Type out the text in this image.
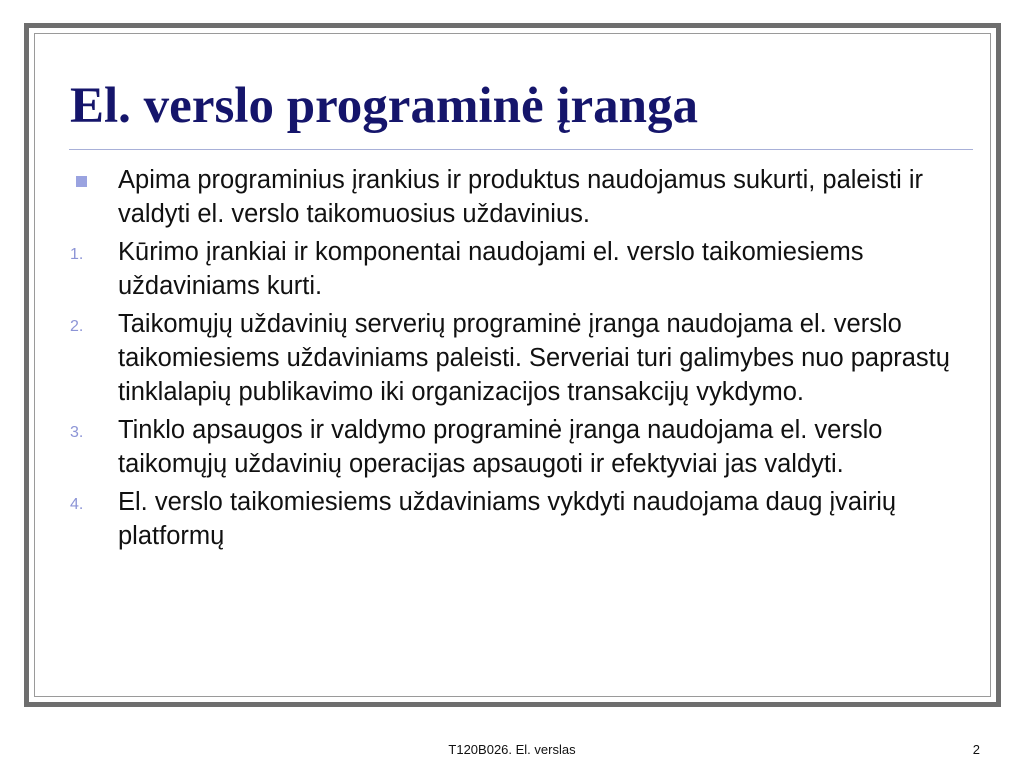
El. verslo programinė įranga
Apima programinius įrankius ir produktus naudojamus sukurti, paleisti ir valdyti el. verslo taikomuosius uždavinius.
1. Kūrimo įrankiai ir komponentai naudojami el. verslo taikomiesiems uždaviniams kurti.
2. Taikomųjų uždavinių serverių programinė įranga naudojama el. verslo taikomiesiems uždaviniams paleisti. Serveriai turi galimybes nuo paprastų tinklalapių publikavimo iki organizacijos transakcijų vykdymo.
3. Tinklo apsaugos ir valdymo programinė įranga naudojama el. verslo taikomųjų uždavinių operacijas apsaugoti ir efektyviai jas valdyti.
4. El. verslo taikomiesiems uždaviniams vykdyti naudojama daug įvairių platformų
T120B026. El. verslas	2
